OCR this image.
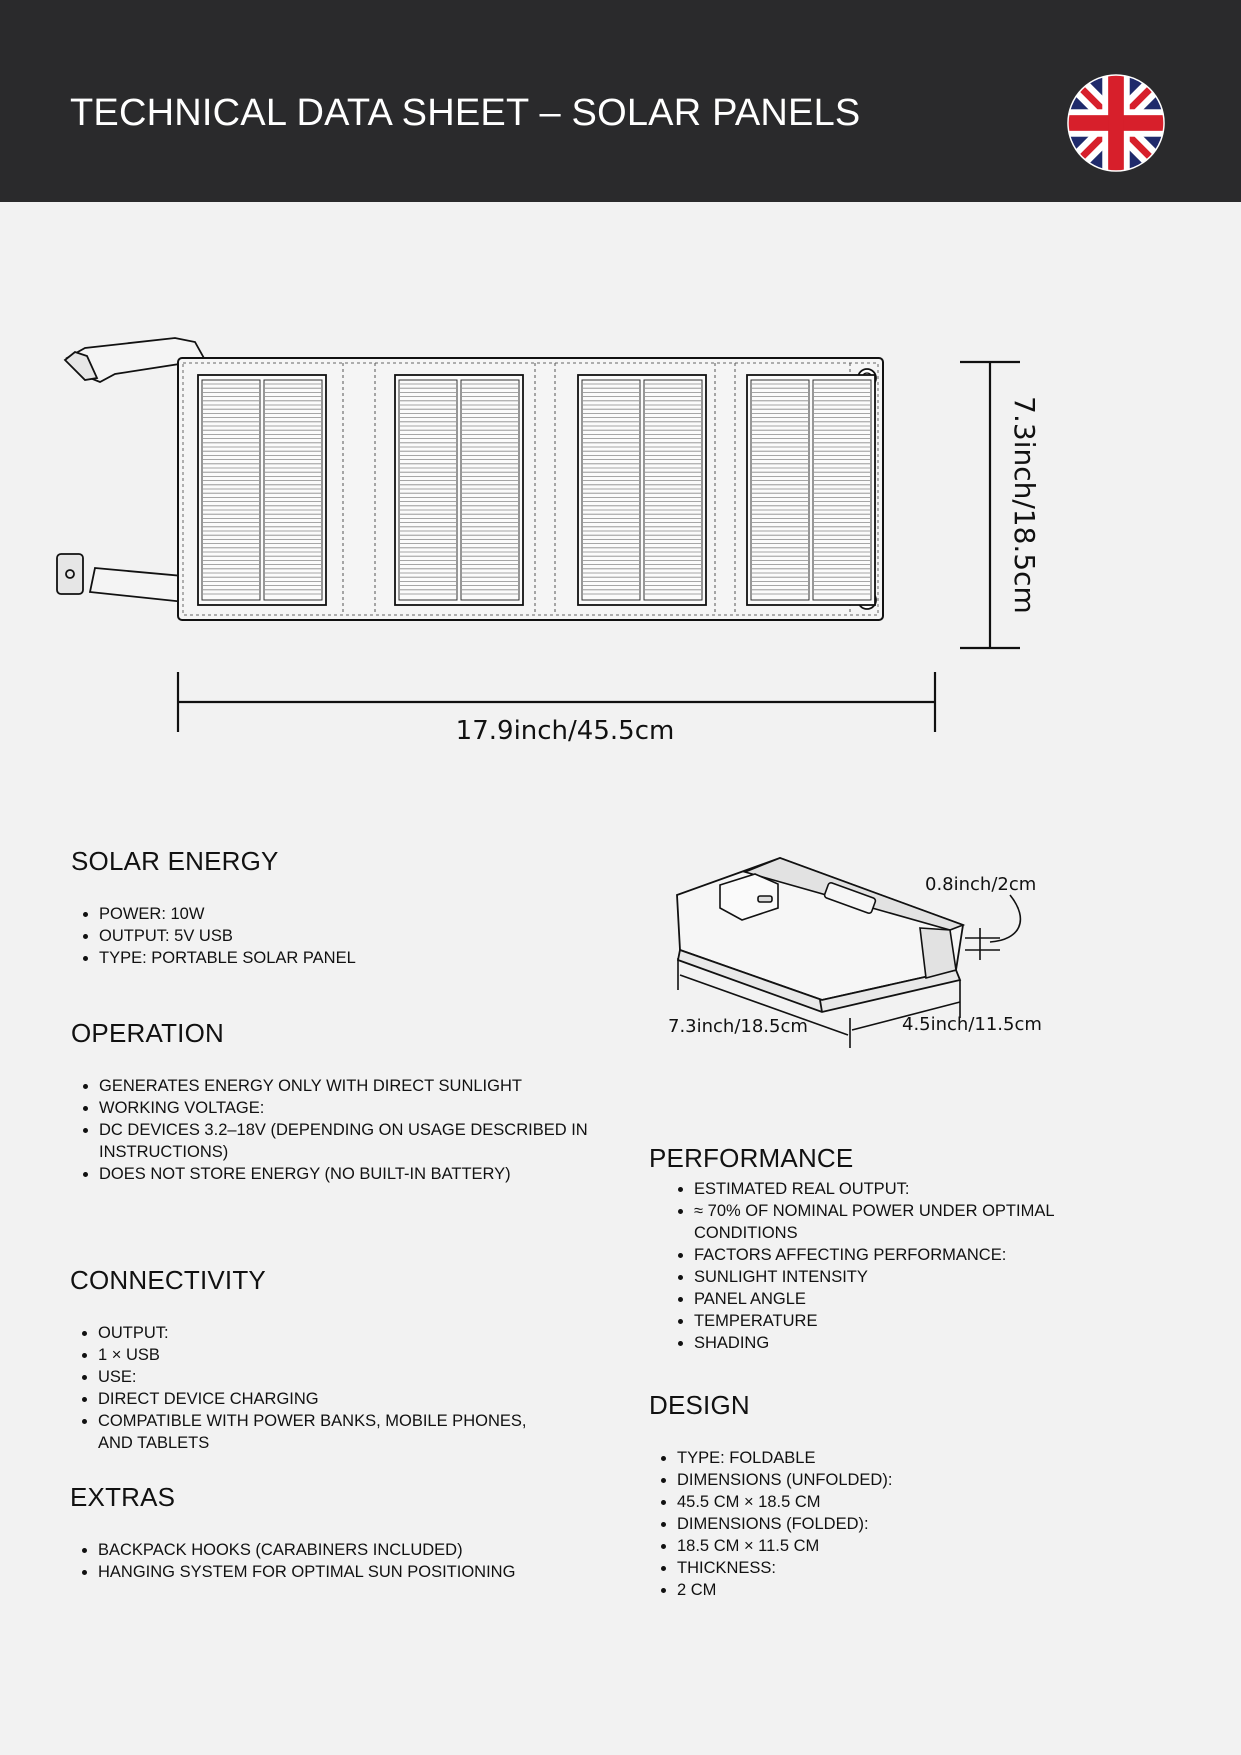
TECHNICAL DATA SHEET – SOLAR PANELS
7.3inch/18.5cm
17.9inch/45.5cm
0.8inch/2cm
7.3inch/18.5cm	4.5inch/11.5cm
SOLAR ENERGY
• POWER: 10W
• OUTPUT: 5V USB
• TYPE: PORTABLE SOLAR PANEL
OPERATION
• GENERATES ENERGY ONLY WITH DIRECT SUNLIGHT
• WORKING VOLTAGE:
• DC DEVICES 3.2–18V (DEPENDING ON USAGE DESCRIBED IN INSTRUCTIONS)
• DOES NOT STORE ENERGY (NO BUILT-IN BATTERY)
CONNECTIVITY
• OUTPUT:
• 1 × USB
• USE:
• DIRECT DEVICE CHARGING
• COMPATIBLE WITH POWER BANKS, MOBILE PHONES, AND TABLETS
EXTRAS
• BACKPACK HOOKS (CARABINERS INCLUDED)
• HANGING SYSTEM FOR OPTIMAL SUN POSITIONING
PERFORMANCE
• ESTIMATED REAL OUTPUT:
• ≈ 70% OF NOMINAL POWER UNDER OPTIMAL CONDITIONS
• FACTORS AFFECTING PERFORMANCE:
• SUNLIGHT INTENSITY
• PANEL ANGLE
• TEMPERATURE
• SHADING
DESIGN
• TYPE: FOLDABLE
• DIMENSIONS (UNFOLDED):
• 45.5 CM × 18.5 CM
• DIMENSIONS (FOLDED):
• 18.5 CM × 11.5 CM
• THICKNESS:
• 2 CM
